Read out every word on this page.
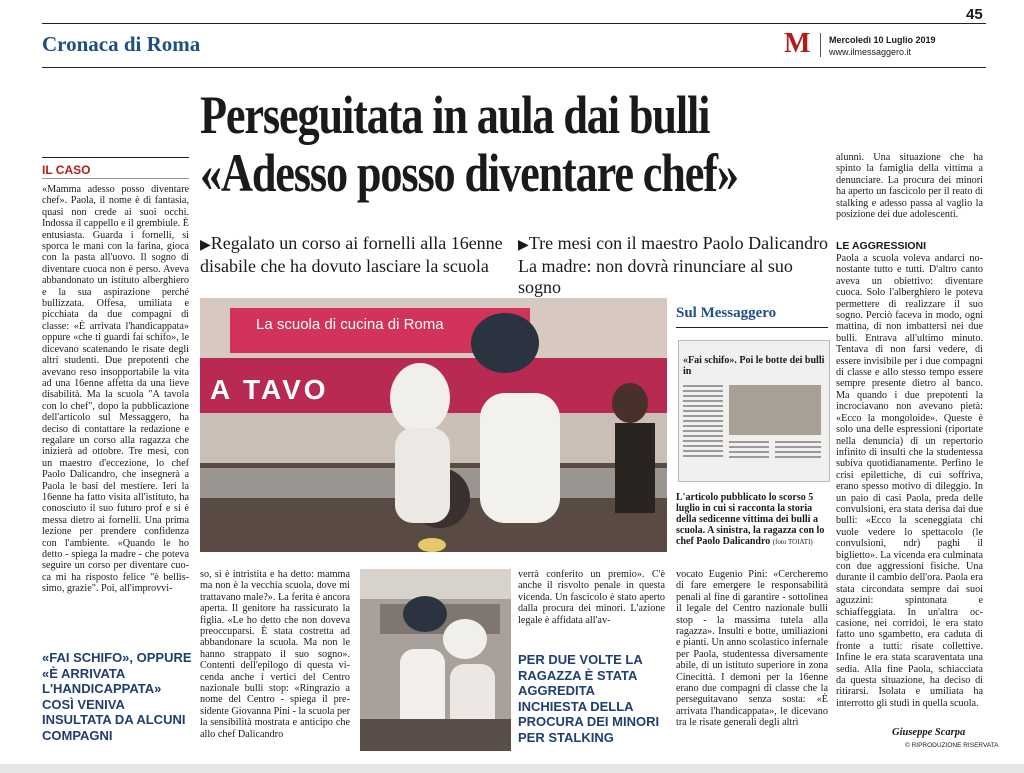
45
Cronaca di Roma	M Mercoledì 10 Luglio 2019
www.ilmessaggero.it
Perseguitata in aula dai bulli
«Adesso posso diventare chef»
▶Regalato un corso ai fornelli alla 16enne
disabile che ha dovuto lasciare la scuola
▶Tre mesi con il maestro Paolo Dalicandro
La madre: non dovrà rinunciare al suo sogno
IL CASO
«Mamma adesso posso diventare chef». Paola, il nome è di fantasia, quasi non crede ai suoi occhi. Indossa il cappello e il grembiule. È entusiasta. Guarda i fornelli, si sporca le mani con la farina, gioca con la pasta all'uovo. Il sogno di diventare cuoca non è perso. Aveva abbandonato un istituto alberghiero e la sua aspirazione perché bullizzata. Offesa, umiliata e picchiata da due compagni di classe: «È arrivata l'handicappata» oppure «che ti guardi fai schifo», le dicevano scatenando le risate degli altri studenti. Due prepotenti che avevano reso insopportabile la vita ad una 16enne affetta da una lieve disabilità. Ma la scuola "A tavola con lo chef", dopo la pubblicazione dell'articolo sul Messaggero, ha deciso di contattare la redazione e regalare un corso alla ragazza che inizierà ad ottobre. Tre mesi, con un maestro d'eccezione, lo chef Paolo Dalicandro, che insegnerà a Paola le basi del mestiere. Ieri la 16enne ha fatto visita all'istituto, ha conosciuto il suo futuro prof e si è messa dietro ai fornelli. Una prima lezione per prendere confidenza con l'ambiente. «Quando le ho detto - spiega la madre - che poteva seguire un corso per diventare cuoca mi ha risposto felice "è bellissimo, grazie". Poi, all'improvvi-
«FAI SCHIFO», OPPURE «È ARRIVATA L'HANDICAPPATA» COSÌ VENIVA INSULTATA DA ALCUNI COMPAGNI
La scuola di cucina di Roma
A TAVO
Sul Messaggero
«Fai schifo». Poi le botte dei bulli in
L'articolo pubblicato lo scorso 5 luglio in cui si racconta la storia della sedicenne vittima dei bulli a scuola. A sinistra, la ragazza con lo chef Paolo Dalicandro (foto TOIATI)
so, si è intristita e ha detto: mamma ma non è la vecchia scuola, dove mi trattavano male?». La ferita è ancora aperta. Il genitore ha rassicurato la figlia. «Le ho detto che non doveva preoccuparsi. È stata costretta ad abbandonare la scuola. Ma non le hanno strappato il suo sogno». Contenti dell'epilogo di questa vicenda anche i vertici del Centro nazionale bulli stop: «Ringrazio a nome del Centro - spiega il presidente Giovanna Pini - la scuola per la sensibilità mostrata e anticipo che allo chef Dalicandro
verrà conferito un premio». C'è anche il risvolto penale in questa vicenda. Un fascicolo è stato aperto dalla procura dei minori. L'azione legale è affidata all'av-
PER DUE VOLTE LA RAGAZZA È STATA AGGREDITA INCHIESTA DELLA PROCURA DEI MINORI PER STALKING
vocato Eugenio Pini: «Cercheremo di fare emergere le responsabilità penali al fine di garantire - sottolinea il legale del Centro nazionale bulli stop - la massima tutela alla ragazza». Insulti e botte, umiliazioni e pianti. Un anno scolastico infernale per Paola, studentessa diversamente abile, di un istituto superiore in zona Cinecittà. I demoni per la 16enne erano due compagni di classe che la perseguitavano senza sosta: «È arrivata l'handicappata», le dicevano tra le risate generali degli altri
alunni. Una situazione che ha spinto la famiglia della vittima a denunciare. La procura dei minori ha aperto un fascicolo per il reato di stalking e adesso passa al vaglio la posizione dei due adolescenti.
LE AGGRESSIONI
Paola a scuola voleva andarci nonostante tutto e tutti. D'altro canto aveva un obiettivo: diventare cuoca. Solo l'alberghiero le poteva permettere di realizzare il suo sogno. Perciò faceva in modo, ogni mattina, di non imbattersi nei due bulli. Entrava all'ultimo minuto. Tentava di non farsi vedere, di essere invisibile per i due compagni di classe e allo stesso tempo essere sempre presente dietro al banco. Ma quando i due prepotenti la incrociavano non avevano pietà: «Ecco la mongoloide». Queste è solo una delle espressioni (riportate nella denuncia) di un repertorio infinito di insulti che la studentessa subiva quotidianamente. Perfino le crisi epilettiche, di cui soffriva, erano spesso motivo di dileggio. In un paio di casi Paola, preda delle convulsioni, era stata derisa dai due bulli: «Ecco la sceneggiata chi vuole vedere lo spettacolo (le convulsioni, ndr) paghi il biglietto». La vicenda era culminata con due aggressioni fisiche. Una durante il cambio dell'ora. Paola era stata circondata sempre dai suoi aguzzini: spintonata e schiaffeggiata. In un'altra occasione, nei corridoi, le era stato fatto uno sgambetto, era caduta di fronte a tutti: risate collettive. Infine le era stata scaraventata una sedia. Alla fine Paola, schiacciata da questa situazione, ha deciso di ritirarsi. Isolata e umiliata ha interrotto gli studi in quella scuola.
Giuseppe Scarpa
© RIPRODUZIONE RISERVATA
